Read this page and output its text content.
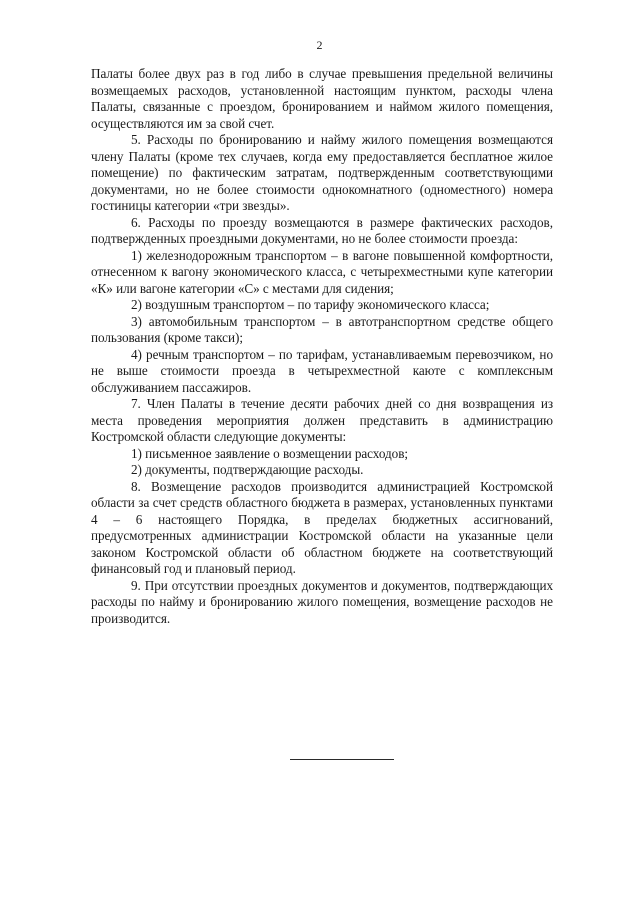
2

Палаты более двух раз в год либо в случае превышения предельной величины возмещаемых расходов, установленной настоящим пунктом, расходы члена Палаты, связанные с проездом, бронированием и наймом жилого помещения, осуществляются им за свой счет.

5. Расходы по бронированию и найму жилого помещения возмещаются члену Палаты (кроме тех случаев, когда ему предоставляется бесплатное жилое помещение) по фактическим затратам, подтвержденным соответствующими документами, но не более стоимости однокомнатного (одноместного) номера гостиницы категории «три звезды».

6. Расходы по проезду возмещаются в размере фактических расходов, подтвержденных проездными документами, но не более стоимости проезда:

1) железнодорожным транспортом – в вагоне повышенной комфортности, отнесенном к вагону экономического класса, с четырехместными купе категории «К» или вагоне категории «С» с местами для сидения;

2) воздушным транспортом – по тарифу экономического класса;

3) автомобильным транспортом – в автотранспортном средстве общего пользования (кроме такси);

4) речным транспортом – по тарифам, устанавливаемым перевозчиком, но не выше стоимости проезда в четырехместной каюте с комплексным обслуживанием пассажиров.

7. Член Палаты в течение десяти рабочих дней со дня возвращения из места проведения мероприятия должен представить в администрацию Костромской области следующие документы:

1) письменное заявление о возмещении расходов;

2) документы, подтверждающие расходы.

8. Возмещение расходов производится администрацией Костромской области за счет средств областного бюджета в размерах, установленных пунктами 4 – 6 настоящего Порядка, в пределах бюджетных ассигнований, предусмотренных администрации Костромской области на указанные цели законом Костромской области об областном бюджете на соответствующий финансовый год и плановый период.

9. При отсутствии проездных документов и документов, подтверждающих расходы по найму и бронированию жилого помещения, возмещение расходов не производится.
